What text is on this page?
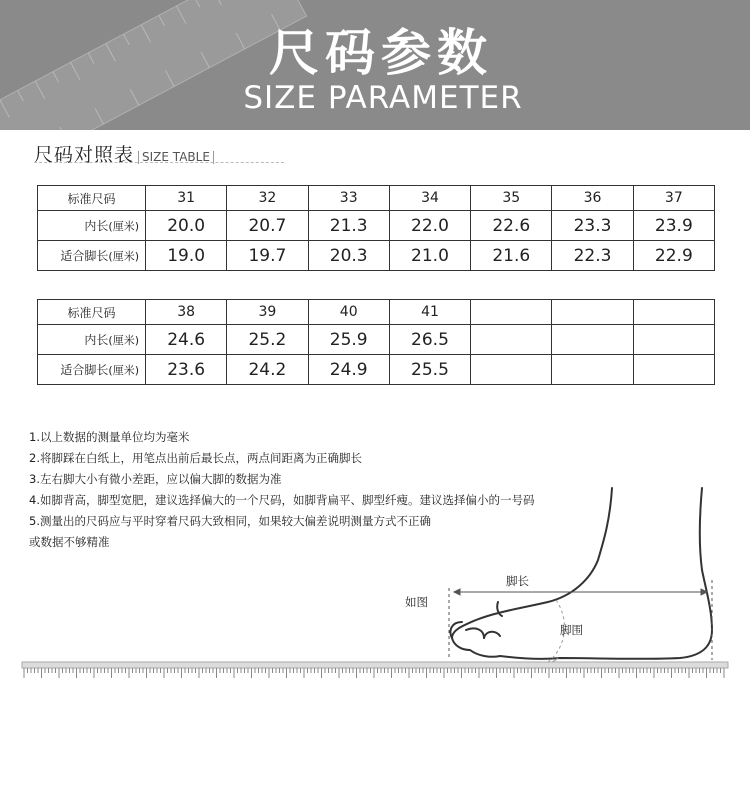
尺码参数
SIZE PARAMETER
尺码对照表 SIZE TABLE
标准尺码	31	32	33	34	35	36	37
内长(厘米)	20.0	20.7	21.3	22.0	22.6	23.3	23.9
适合脚长(厘米)	19.0	19.7	20.3	21.0	21.6	22.3	22.9
标准尺码	38	39	40	41			
内长(厘米)	24.6	25.2	25.9	26.5			
适合脚长(厘米)	23.6	24.2	24.9	25.5			
1.以上数据的测量单位均为毫米
2.将脚踩在白纸上，用笔点出前后最长点，两点间距离为正确脚长
3.左右脚大小有微小差距，应以偏大脚的数据为准
4.如脚背高，脚型宽肥，建议选择偏大的一个尺码，如脚背扁平、脚型纤瘦。建议选择偏小的一号码
5.测量出的尺码应与平时穿着尺码大致相同，如果较大偏差说明测量方式不正确
或数据不够精准
如图
脚长
脚围
